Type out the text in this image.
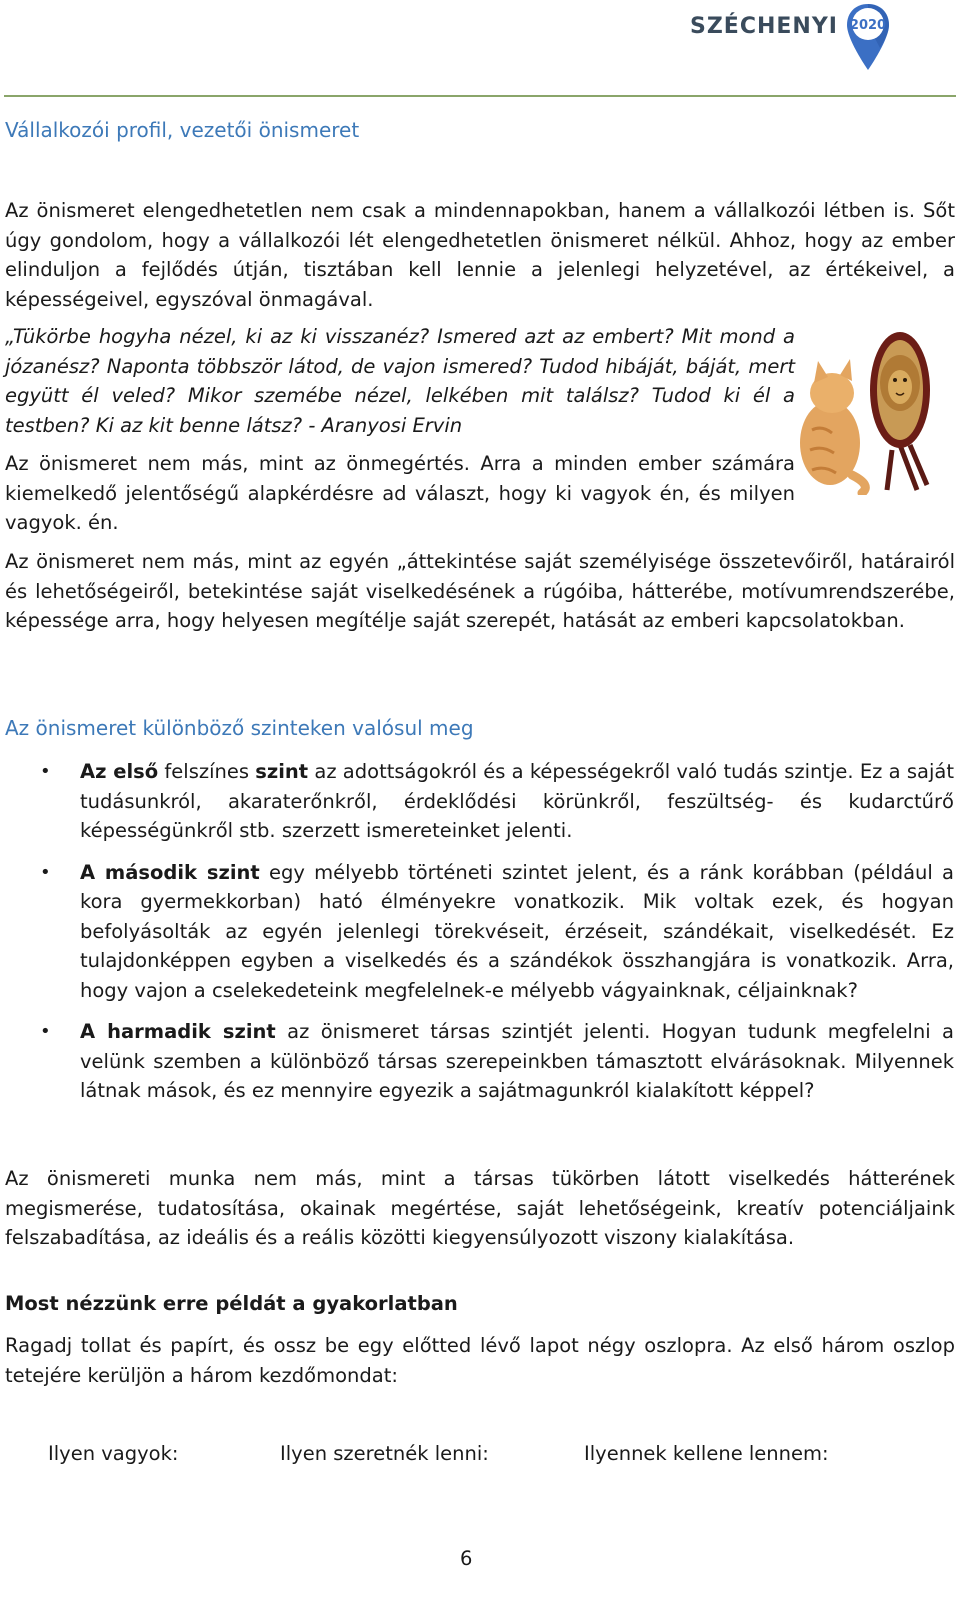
SZÉCHENYI 2020
Vállalkozói profil, vezetői önismeret

Az önismeret elengedhetetlen nem csak a mindennapokban, hanem a vállalkozói létben is. Sőt úgy gondolom, hogy a vállalkozói lét elengedhetetlen önismeret nélkül. Ahhoz, hogy az ember elinduljon a fejlődés útján, tisztában kell lennie a jelenlegi helyzetével, az értékeivel, a képességeivel, egyszóval önmagával.

„Tükörbe hogyha nézel, ki az ki visszanéz? Ismered azt az embert? Mit mond a józanész? Naponta többször látod, de vajon ismered? Tudod hibáját, báját, mert együtt él veled? Mikor szemébe nézel, lelkében mit találsz? Tudod ki él a testben? Ki az kit benne látsz? - Aranyosi Ervin

Az önismeret nem más, mint az önmegértés. Arra a minden ember számára kiemelkedő jelentőségű alapkérdésre ad választ, hogy ki vagyok én, és milyen vagyok. én.

Az önismeret nem más, mint az egyén „áttekintése saját személyisége összetevőiről, határairól és lehetőségeiről, betekintése saját viselkedésének a rúgóiba, hátterébe, motívumrendszerébe, képessége arra, hogy helyesen megítélje saját szerepét, hatását az emberi kapcsolatokban.

Az önismeret különböző szinteken valósul meg
• Az első felszínes szint az adottságokról és a képességekről való tudás szintje. Ez a saját tudásunkról, akaraterőnkről, érdeklődési körünkről, feszültség- és kudarctűrő képességünkről stb. szerzett ismereteinket jelenti.

• A második szint egy mélyebb történeti szintet jelent, és a ránk korábban (például a kora gyermekkorban) ható élményekre vonatkozik. Mik voltak ezek, és hogyan befolyásolták az egyén jelenlegi törekvéseit, érzéseit, szándékait, viselkedését. Ez tulajdonképpen egyben a viselkedés és a szándékok összhangjára is vonatkozik. Arra, hogy vajon a cselekedeteink megfelelnek-e mélyebb vágyainknak, céljainknak?

• A harmadik szint az önismeret társas szintjét jelenti. Hogyan tudunk megfelelni a velünk szemben a különböző társas szerepeinkben támasztott elvárásoknak. Milyennek látnak mások, és ez mennyire egyezik a sajátmagunkról kialakított képpel?

Az önismereti munka nem más, mint a társas tükörben látott viselkedés hátterének megismerése, tudatosítása, okainak megértése, saját lehetőségeink, kreatív potenciáljaink felszabadítása, az ideális és a reális közötti kiegyensúlyozott viszony kialakítása.

Most nézzünk erre példát a gyakorlatban

Ragadj tollat és papírt, és ossz be egy előtted lévő lapot négy oszlopra. Az első három oszlop tetejére kerüljön a három kezdőmondat:

Ilyen vagyok:	Ilyen szeretnék lenni:	Ilyennek kellene lennem:
6
